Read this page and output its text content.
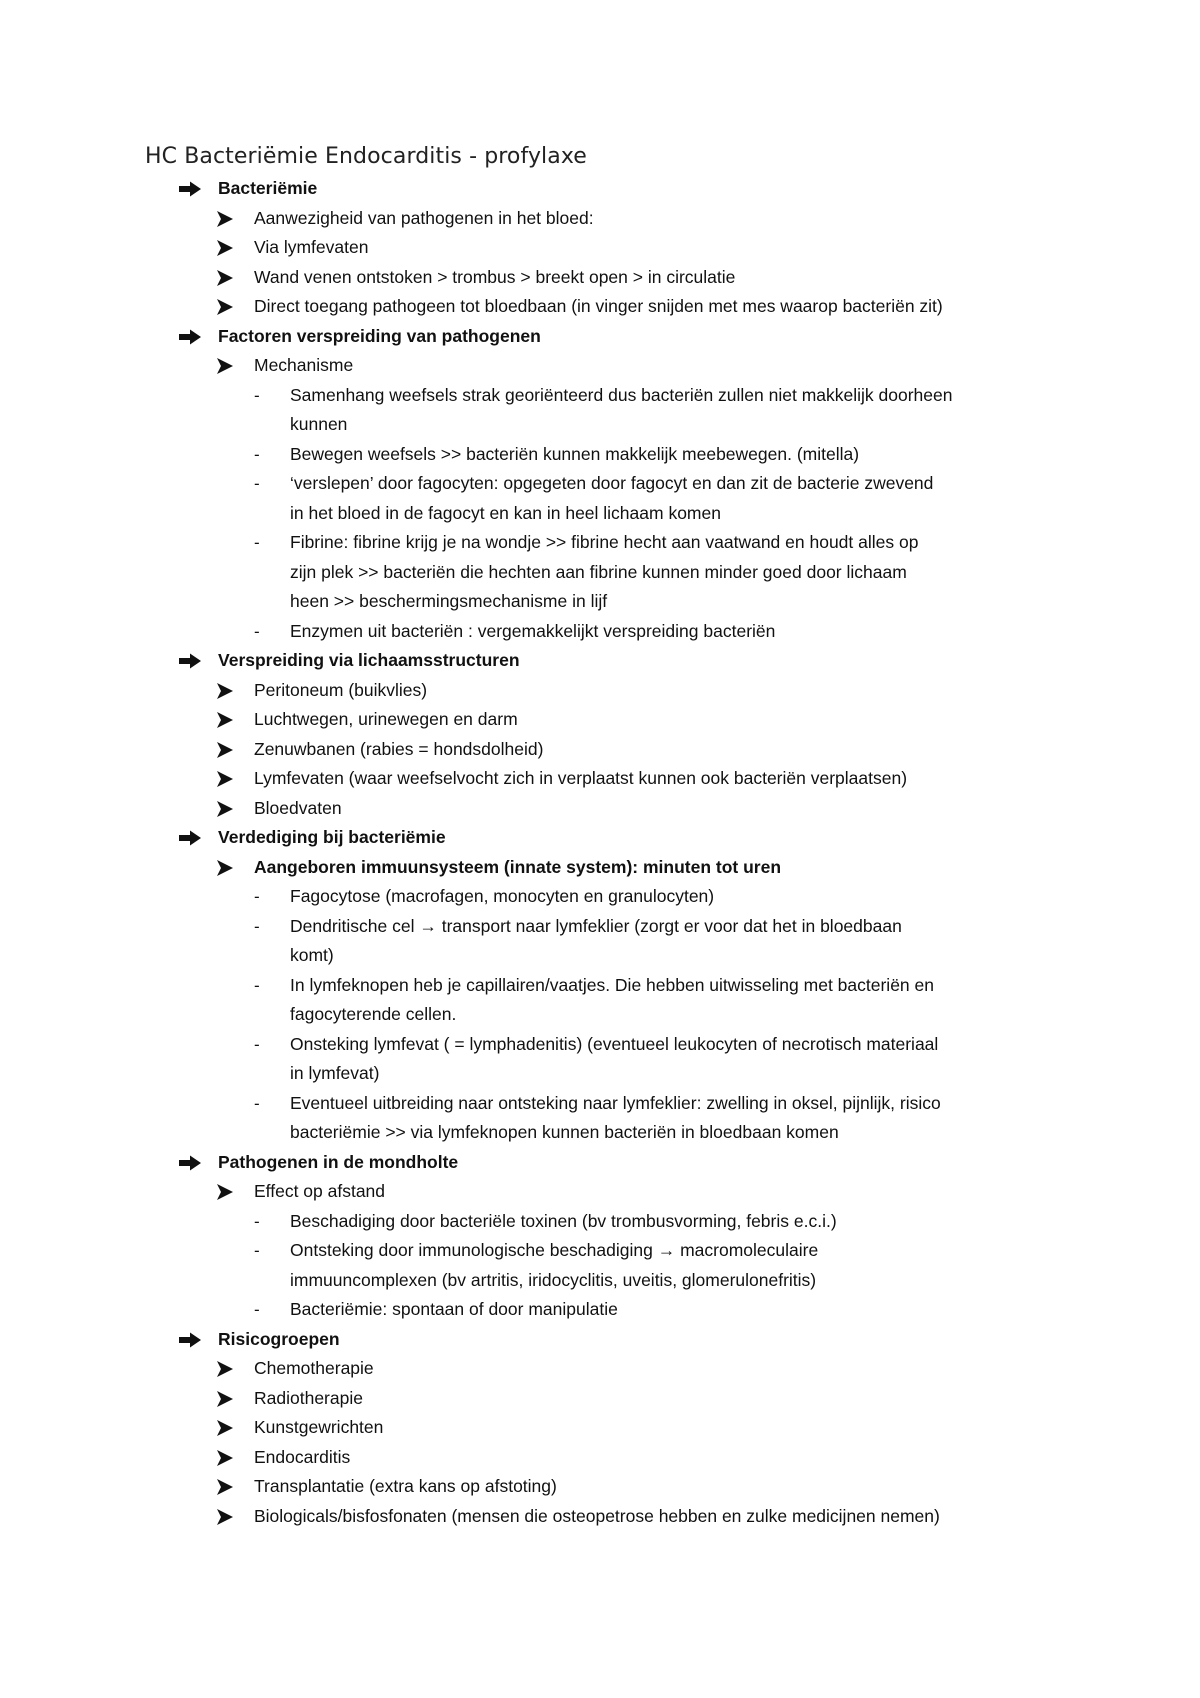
HC Bacteriëmie Endocarditis - profylaxe
Bacteriëmie
Aanwezigheid van pathogenen in het bloed:
Via lymfevaten
Wand venen ontstoken > trombus > breekt open > in circulatie
Direct toegang pathogeen tot bloedbaan (in vinger snijden met mes waarop bacteriën zit)
Factoren verspreiding van pathogenen
Mechanisme
- Samenhang weefsels strak georiënteerd dus bacteriën zullen niet makkelijk doorheen
kunnen
- Bewegen weefsels >> bacteriën kunnen makkelijk meebewegen. (mitella)
- ‘verslepen’ door fagocyten: opgegeten door fagocyt en dan zit de bacterie zwevend
in het bloed in de fagocyt en kan in heel lichaam komen
- Fibrine: fibrine krijg je na wondje >> fibrine hecht aan vaatwand en houdt alles op
zijn plek >> bacteriën die hechten aan fibrine kunnen minder goed door lichaam
heen >> beschermingsmechanisme in lijf
- Enzymen uit bacteriën : vergemakkelijkt verspreiding bacteriën
Verspreiding via lichaamsstructuren
Peritoneum (buikvlies)
Luchtwegen, urinewegen en darm
Zenuwbanen (rabies = hondsdolheid)
Lymfevaten (waar weefselvocht zich in verplaatst kunnen ook bacteriën verplaatsen)
Bloedvaten
Verdediging bij bacteriëmie
Aangeboren immuunsysteem (innate system): minuten tot uren
- Fagocytose (macrofagen, monocyten en granulocyten)
- Dendritische cel → transport naar lymfeklier (zorgt er voor dat het in bloedbaan
komt)
- In lymfeknopen heb je capillairen/vaatjes. Die hebben uitwisseling met bacteriën en
fagocyterende cellen.
- Onsteking lymfevat ( = lymphadenitis) (eventueel leukocyten of necrotisch materiaal
in lymfevat)
- Eventueel uitbreiding naar ontsteking naar lymfeklier: zwelling in oksel, pijnlijk, risico
bacteriëmie >> via lymfeknopen kunnen bacteriën in bloedbaan komen
Pathogenen in de mondholte
Effect op afstand
- Beschadiging door bacteriële toxinen (bv trombusvorming, febris e.c.i.)
- Ontsteking door immunologische beschadiging → macromoleculaire
immuuncomplexen (bv artritis, iridocyclitis, uveitis, glomerulonefritis)
- Bacteriëmie: spontaan of door manipulatie
Risicogroepen
Chemotherapie
Radiotherapie
Kunstgewrichten
Endocarditis
Transplantatie (extra kans op afstoting)
Biologicals/bisfosfonaten (mensen die osteopetrose hebben en zulke medicijnen nemen)
